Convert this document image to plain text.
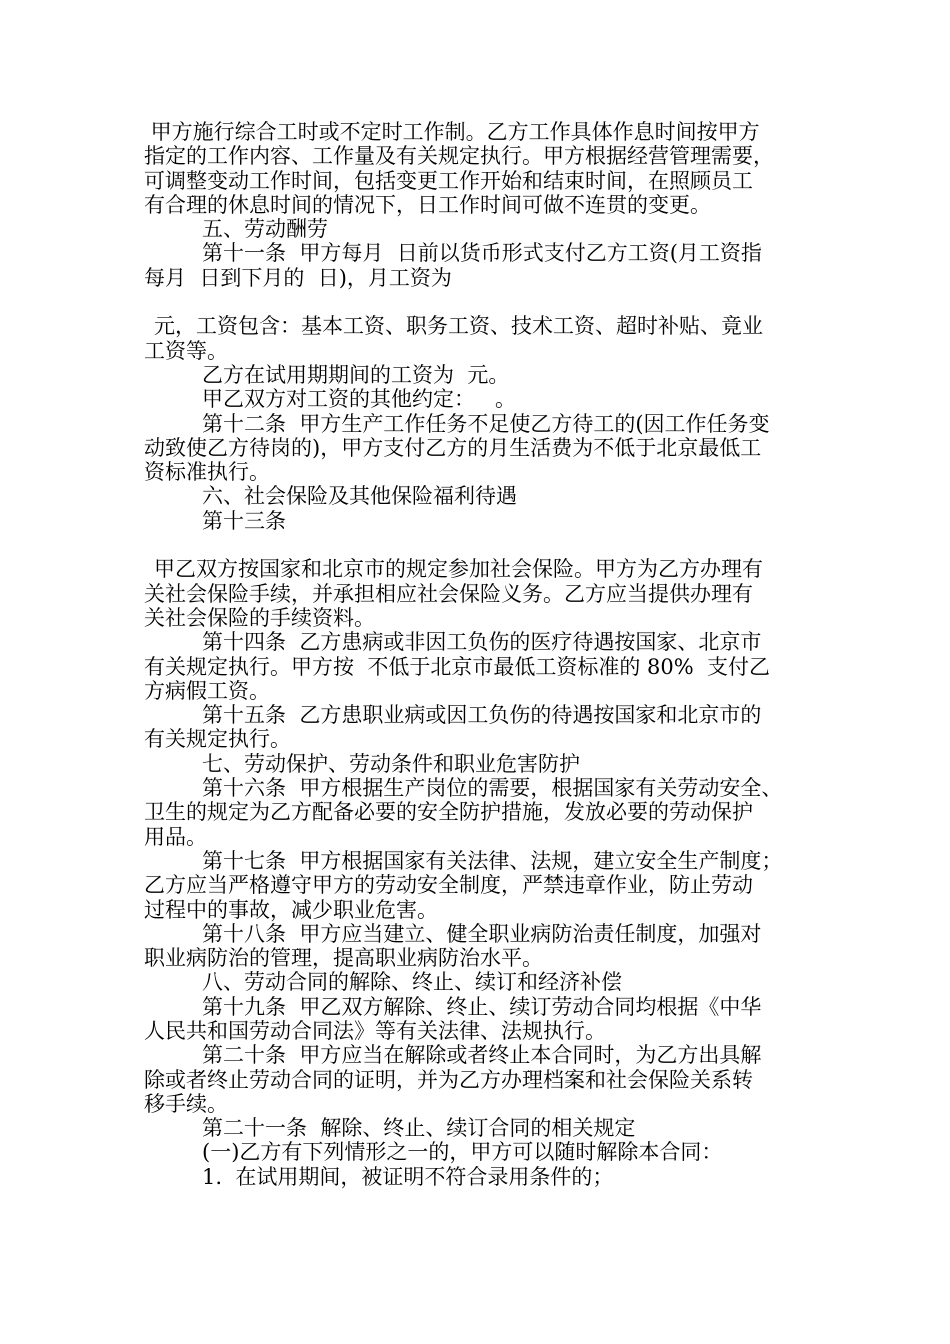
甲方施行综合工时或不定时工作制。乙方工作具体作息时间按甲方
指定的工作内容、工作量及有关规定执行。甲方根据经营管理需要，
可调整变动工作时间，包括变更工作开始和结束时间，在照顾员工
有合理的休息时间的情况下，日工作时间可做不连贯的变更。
五、劳动酬劳
第十一条  甲方每月  日前以货币形式支付乙方工资(月工资指
每月  日到下月的  日)，月工资为
元，工资包含：基本工资、职务工资、技术工资、超时补贴、竟业
工资等。
乙方在试用期期间的工资为  元。
甲乙双方对工资的其他约定：   。
第十二条  甲方生产工作任务不足使乙方待工的(因工作任务变
动致使乙方待岗的)，甲方支付乙方的月生活费为不低于北京最低工
资标准执行。
六、社会保险及其他保险福利待遇
第十三条
甲乙双方按国家和北京市的规定参加社会保险。甲方为乙方办理有
关社会保险手续，并承担相应社会保险义务。乙方应当提供办理有
关社会保险的手续资料。
第十四条  乙方患病或非因工负伤的医疗待遇按国家、北京市
有关规定执行。甲方按  不低于北京市最低工资标准的 80%  支付乙
方病假工资。
第十五条  乙方患职业病或因工负伤的待遇按国家和北京市的
有关规定执行。
七、劳动保护、劳动条件和职业危害防护
第十六条  甲方根据生产岗位的需要，根据国家有关劳动安全、
卫生的规定为乙方配备必要的安全防护措施，发放必要的劳动保护
用品。
第十七条  甲方根据国家有关法律、法规，建立安全生产制度；
乙方应当严格遵守甲方的劳动安全制度，严禁违章作业，防止劳动
过程中的事故，减少职业危害。
第十八条  甲方应当建立、健全职业病防治责任制度，加强对
职业病防治的管理，提高职业病防治水平。
八、劳动合同的解除、终止、续订和经济补偿
第十九条  甲乙双方解除、终止、续订劳动合同均根据《中华
人民共和国劳动合同法》等有关法律、法规执行。
第二十条  甲方应当在解除或者终止本合同时，为乙方出具解
除或者终止劳动合同的证明，并为乙方办理档案和社会保险关系转
移手续。
第二十一条  解除、终止、续订合同的相关规定
(一)乙方有下列情形之一的，甲方可以随时解除本合同：
1.  在试用期间，被证明不符合录用条件的；
